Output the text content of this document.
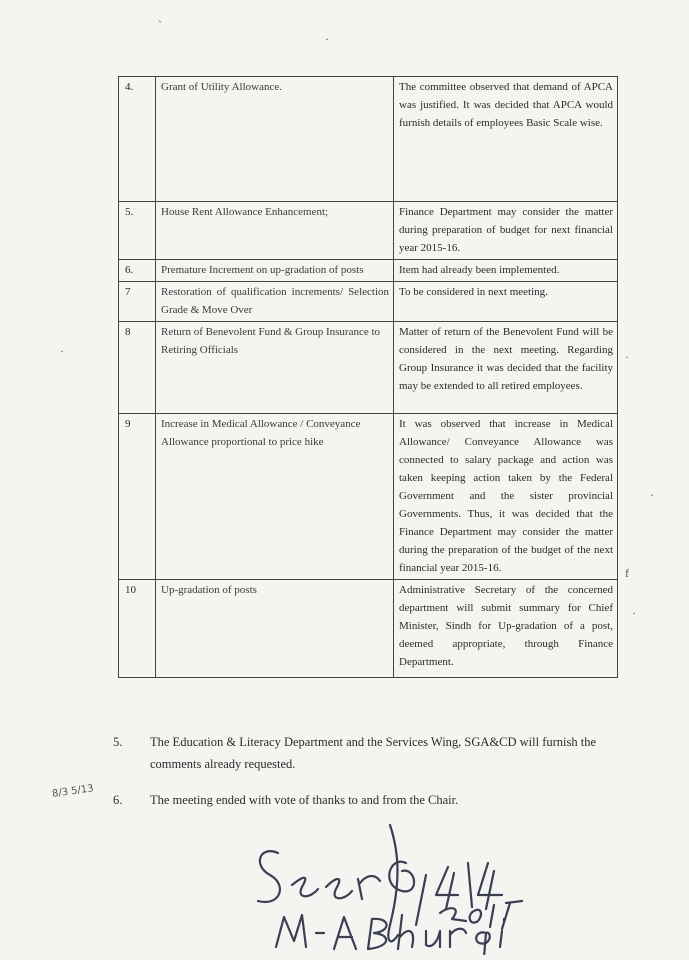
`
·
·	·
·
f
·
4.	Grant of Utility Allowance.	The committee observed that demand of APCA was justified. It was decided that APCA would furnish details of employees Basic Scale wise.
5.	House Rent Allowance Enhancement;	Finance Department may consider the matter during preparation of budget for next financial year 2015-16.
6.	Premature Increment on up-gradation of posts	Item had already been implemented.
7	Restoration of qualification increments/ Selection Grade & Move Over	To be considered in next meeting.
8	Return of Benevolent Fund & Group Insurance to Retiring Officials	Matter of return of the Benevolent Fund will be considered in the next meeting. Regarding Group Insurance it was decided that the facility may be extended to all retired employees.
9	Increase in Medical Allowance / Conveyance Allowance proportional to price hike	It was observed that increase in Medical Allowance/ Conveyance Allowance was connected to salary package and action was taken keeping action taken by the Federal Government and the sister provincial Governments. Thus, it was decided that the Finance Department may consider the matter during the preparation of the budget of the next financial year 2015-16.
10	Up-gradation of posts	Administrative Secretary of the concerned department will submit summary for Chief Minister, Sindh for Up-gradation of a post, deemed appropriate, through Finance Department.
5.	The Education & Literacy Department and the Services Wing, SGA&CD will furnish the comments already requested.
8/3 5/13
6.	The meeting ended with vote of thanks to and from the Chair.
